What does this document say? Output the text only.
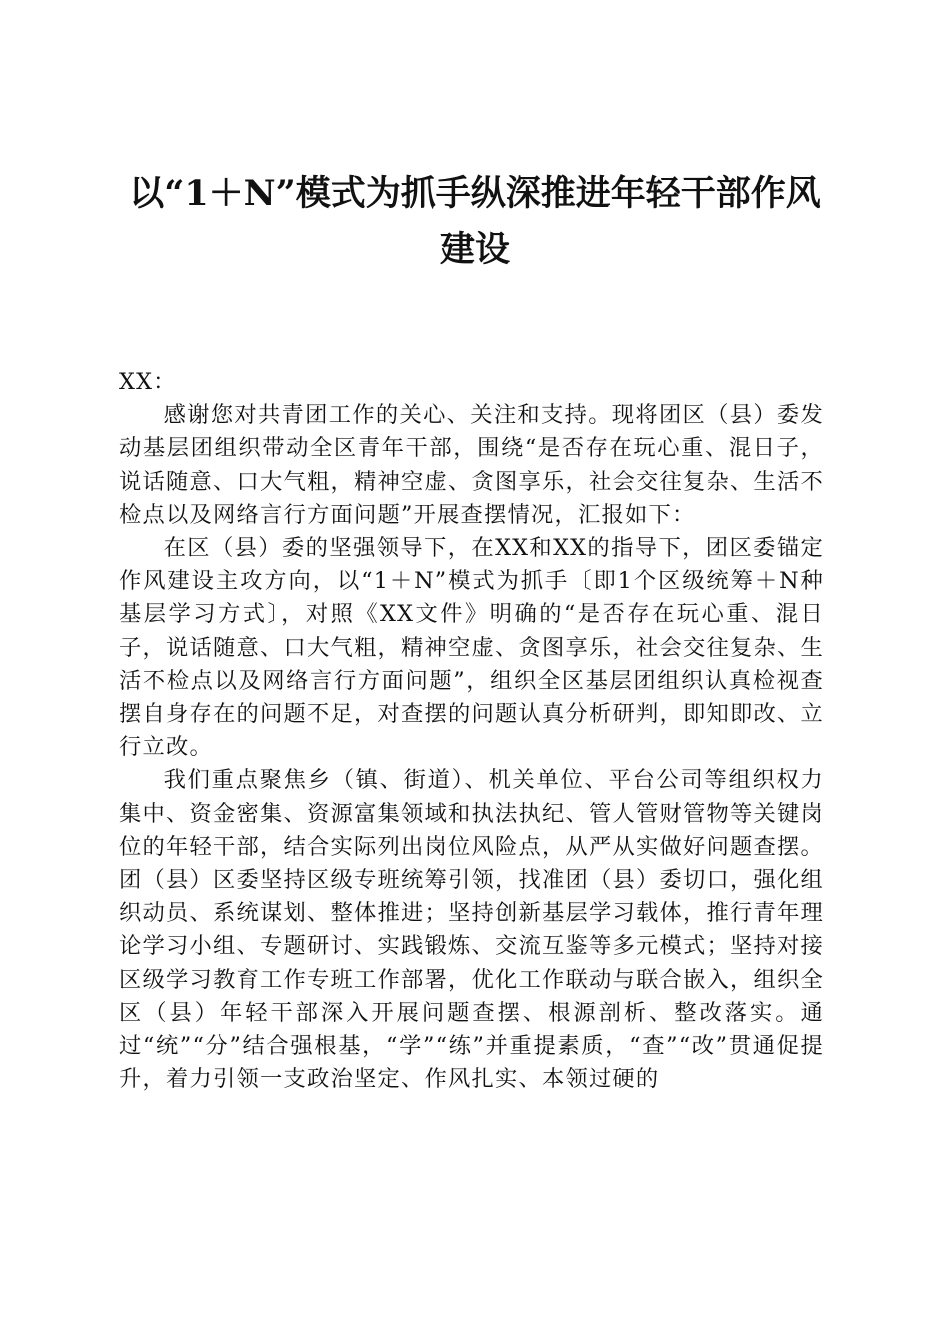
以“1＋N”模式为抓手纵深推进年轻干部作风
建设

XX：

感谢您对共青团工作的关心、关注和支持。现将团区（县）委发动基层团组织带动全区青年干部，围绕“是否存在玩心重、混日子，说话随意、口大气粗，精神空虚、贪图享乐，社会交往复杂、生活不检点以及网络言行方面问题”开展查摆情况，汇报如下：

在区（县）委的坚强领导下，在XX和XX的指导下，团区委锚定作风建设主攻方向，以“1＋N”模式为抓手〔即1个区级统筹＋N种基层学习方式〕，对照《XX文件》明确的“是否存在玩心重、混日子，说话随意、口大气粗，精神空虚、贪图享乐，社会交往复杂、生活不检点以及网络言行方面问题”，组织全区基层团组织认真检视查摆自身存在的问题不足，对查摆的问题认真分析研判，即知即改、立行立改。

我们重点聚焦乡（镇、街道）、机关单位、平台公司等组织权力集中、资金密集、资源富集领域和执法执纪、管人管财管物等关键岗位的年轻干部，结合实际列出岗位风险点，从严从实做好问题查摆。团（县）区委坚持区级专班统筹引领，找准团（县）委切口，强化组织动员、系统谋划、整体推进；坚持创新基层学习载体，推行青年理论学习小组、专题研讨、实践锻炼、交流互鉴等多元模式；坚持对接区级学习教育工作专班工作部署，优化工作联动与联合嵌入，组织全区（县）年轻干部深入开展问题查摆、根源剖析、整改落实。通过“统”“分”结合强根基，“学”“练”并重提素质，“查”“改”贯通促提升，着力引领一支政治坚定、作风扎实、本领过硬的
